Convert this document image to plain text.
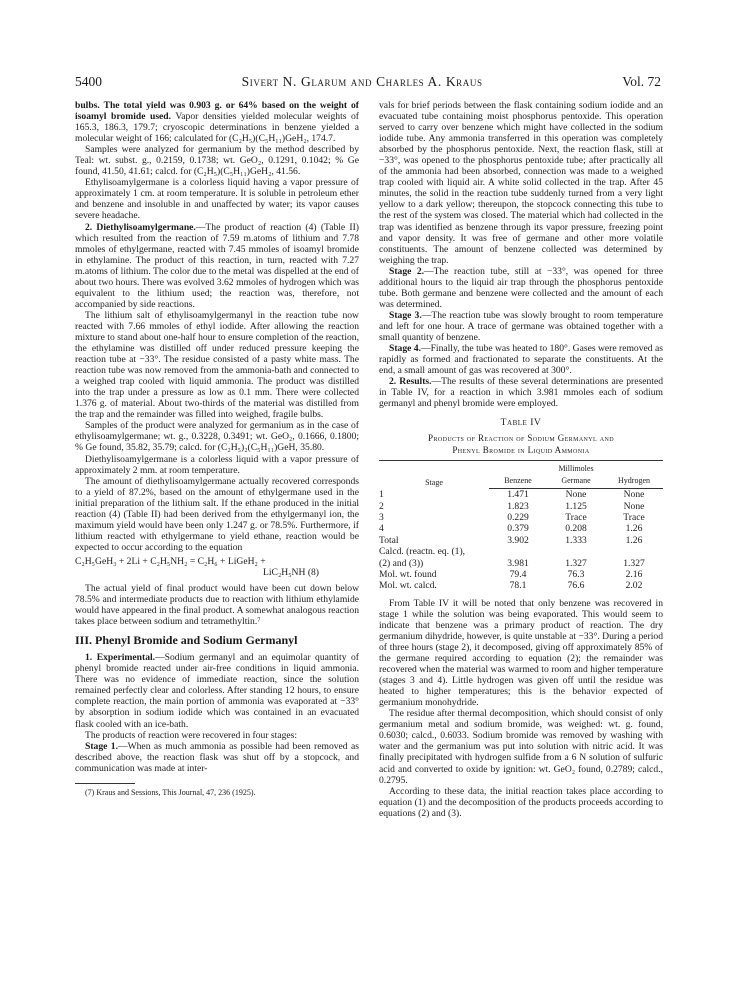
5400	Sivert N. Glarum and Charles A. Kraus	Vol. 72

bulbs. The total yield was 0.903 g. or 64% based on the weight of isoamyl bromide used. Vapor densities yielded molecular weights of 165.3, 186.3, 179.7; cryoscopic determinations in benzene yielded a molecular weight of 166; calculated for (C₂H₅)(C₅H₁₁)GeH₂, 174.7.

Samples were analyzed for germanium by the method described by Teal: wt. subst. g., 0.2159, 0.1738; wt. GeO₂, 0.1291, 0.1042; % Ge found, 41.50, 41.61; calcd. for (C₂H₅)(C₅H₁₁)GeH₂, 41.56.

Ethylisoamylgermane is a colorless liquid having a vapor pressure of approximately 1 cm. at room temperature. It is soluble in petroleum ether and benzene and insoluble in and unaffected by water; its vapor causes severe headache.

2. Diethylisoamylgermane.—The product of reaction (4) (Table II) which resulted from the reaction of 7.59 m.atoms of lithium and 7.78 mmoles of ethylgermane, reacted with 7.45 mmoles of isoamyl bromide in ethylamine. The product of this reaction, in turn, reacted with 7.27 m.atoms of lithium. The color due to the metal was dispelled at the end of about two hours. There was evolved 3.62 mmoles of hydrogen which was equivalent to the lithium used; the reaction was, therefore, not accompanied by side reactions.

The lithium salt of ethylisoamylgermanyl in the reaction tube now reacted with 7.66 mmoles of ethyl iodide. After allowing the reaction mixture to stand about one-half hour to ensure completion of the reaction, the ethylamine was distilled off under reduced pressure keeping the reaction tube at −33°. The residue consisted of a pasty white mass. The reaction tube was now removed from the ammonia-bath and connected to a weighed trap cooled with liquid ammonia. The product was distilled into the trap under a pressure as low as 0.1 mm. There were collected 1.376 g. of material. About two-thirds of the material was distilled from the trap and the remainder was filled into weighed, fragile bulbs.

Samples of the product were analyzed for germanium as in the case of ethylisoamylgermane; wt. g., 0.3228, 0.3491; wt. GeO₂, 0.1666, 0.1800; % Ge found, 35.82, 35.79; calcd. for (C₂H₅)₂(C₅H₁₁)GeH, 35.80.

Diethylisoamylgermane is a colorless liquid with a vapor pressure of approximately 2 mm. at room temperature.

The amount of diethylisoamylgermane actually recovered corresponds to a yield of 87.2%, based on the amount of ethylgermane used in the initial preparation of the lithium salt. If the ethane produced in the initial reaction (4) (Table II) had been derived from the ethylgermanyl ion, the maximum yield would have been only 1.247 g. or 78.5%. Furthermore, if lithium reacted with ethylgermane to yield ethane, reaction would be expected to occur according to the equation

C₂H₅GeH₃ + 2Li + C₂H₅NH₂ = C₂H₆ + LiGeH₂ +
LiC₂H₅NH (8)

The actual yield of final product would have been cut down below 78.5% and intermediate products due to reaction with lithium ethylamide would have appeared in the final product. A somewhat analogous reaction takes place between sodium and tetramethyltin.⁷

III. Phenyl Bromide and Sodium Germanyl

1. Experimental.—Sodium germanyl and an equimolar quantity of phenyl bromide reacted under air-free conditions in liquid ammonia. There was no evidence of immediate reaction, since the solution remained perfectly clear and colorless. After standing 12 hours, to ensure complete reaction, the main portion of ammonia was evaporated at −33° by absorption in sodium iodide which was contained in an evacuated flask cooled with an ice-bath.

The products of reaction were recovered in four stages:

Stage 1.—When as much ammonia as possible had been removed as described above, the reaction flask was shut off by a stopcock, and communication was made at inter-

(7) Kraus and Sessions, This Journal, 47, 236 (1925).

vals for brief periods between the flask containing sodium iodide and an evacuated tube containing moist phosphorus pentoxide. This operation served to carry over benzene which might have collected in the sodium iodide tube. Any ammonia transferred in this operation was completely absorbed by the phosphorus pentoxide. Next, the reaction flask, still at −33°, was opened to the phosphorus pentoxide tube; after practically all of the ammonia had been absorbed, connection was made to a weighed trap cooled with liquid air. A white solid collected in the trap. After 45 minutes, the solid in the reaction tube suddenly turned from a very light yellow to a dark yellow; thereupon, the stopcock connecting this tube to the rest of the system was closed. The material which had collected in the trap was identified as benzene through its vapor pressure, freezing point and vapor density. It was free of germane and other more volatile constituents. The amount of benzene collected was determined by weighing the trap.

Stage 2.—The reaction tube, still at −33°, was opened for three additional hours to the liquid air trap through the phosphorus pentoxide tube. Both germane and benzene were collected and the amount of each was determined.

Stage 3.—The reaction tube was slowly brought to room temperature and left for one hour. A trace of germane was obtained together with a small quantity of benzene.

Stage 4.—Finally, the tube was heated to 180°. Gases were removed as rapidly as formed and fractionated to separate the constituents. At the end, a small amount of gas was recovered at 300°.

2. Results.—The results of these several determinations are presented in Table IV, for a reaction in which 3.981 mmoles each of sodium germanyl and phenyl bromide were employed.

Table IV
Products of Reaction of Sodium Germanyl and
Phenyl Bromide in Liquid Ammonia
Stage		Millimoles	
	Benzene	Germane	Hydrogen
1	1.471	None	None
2	1.823	1.125	None
3	0.229	Trace	Trace
4	0.379	0.208	1.26
Total	3.902	1.333	1.26
Calcd. (reactn. eq. (1),			
(2) and (3))	3.981	1.327	1.327
Mol. wt. found	79.4	76.3	2.16
Mol. wt. calcd.	78.1	76.6	2.02

From Table IV it will be noted that only benzene was recovered in stage 1 while the solution was being evaporated. This would seem to indicate that benzene was a primary product of reaction. The dry germanium dihydride, however, is quite unstable at −33°. During a period of three hours (stage 2), it decomposed, giving off approximately 85% of the germane required according to equation (2); the remainder was recovered when the material was warmed to room and higher temperature (stages 3 and 4). Little hydrogen was given off until the residue was heated to higher temperatures; this is the behavior expected of germanium monohydride.

The residue after thermal decomposition, which should consist of only germanium metal and sodium bromide, was weighed: wt. g. found, 0.6030; calcd., 0.6033. Sodium bromide was removed by washing with water and the germanium was put into solution with nitric acid. It was finally precipitated with hydrogen sulfide from a 6 N solution of sulfuric acid and converted to oxide by ignition: wt. GeO₂ found, 0.2789; calcd., 0.2795.

According to these data, the initial reaction takes place according to equation (1) and the decomposition of the products proceeds according to equations (2) and (3).
